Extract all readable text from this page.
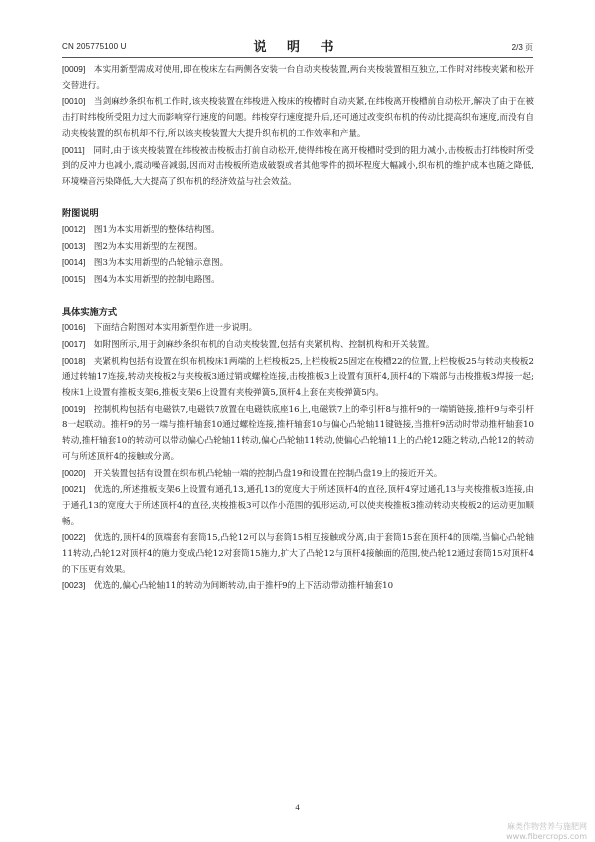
CN 205775100 U	说 明 书	2/3 页
[0009]  本实用新型需成对使用,即在梭床左右两侧各安装一台自动夹梭装置,两台夹梭装置相互独立,工作时对纬梭夹紧和松开交替进行。
[0010]  当剑麻纱条织布机工作时,该夹梭装置在纬梭进入梭床的梭槽时自动夹紧,在纬梭离开梭槽前自动松开,解决了由于在被击打时纬梭所受阻力过大而影响穿行速度的问题。纬梭穿行速度提升后,还可通过改变织布机的传动比提高织布速度,而没有自动夹梭装置的织布机却不行,所以该夹梭装置大大提升织布机的工作效率和产量。
[0011]  同时,由于该夹梭装置在纬梭被击梭板击打前自动松开,使得纬梭在离开梭槽时受到的阻力减小,击梭板击打纬梭时所受到的反冲力也减小,震动噪音减弱,因而对击梭板所造成破裂或者其他零件的损坏程度大幅减小,织布机的维护成本也随之降低,环境噪音污染降低,大大提高了织布机的经济效益与社会效益。
附图说明
[0012]  图1为本实用新型的整体结构图。
[0013]  图2为本实用新型的左视图。
[0014]  图3为本实用新型的凸轮轴示意图。
[0015]  图4为本实用新型的控制电路图。
具体实施方式
[0016]  下面结合附图对本实用新型作进一步说明。
[0017]  如附图所示,用于剑麻纱条织布机的自动夹梭装置,包括有夹紧机构、控制机构和开关装置。
[0018]  夹紧机构包括有设置在织布机梭床1两端的上栏梭板25,上栏梭板25固定在梭槽22的位置,上栏梭板25与转动夹梭板2通过转轴17连接,转动夹梭板2与夹梭板3通过销或螺栓连接,击梭推板3上设置有顶杆4,顶杆4的下端部与击梭推板3焊接一起;梭床1上设置有推板支架6,推板支架6上设置有夹梭弹簧5,顶杆4上套在夹梭弹簧5内。
[0019]  控制机构包括有电磁铁7,电磁铁7放置在电磁铁底座16上,电磁铁7上的牵引杆8与推杆9的一端销链接,推杆9与牵引杆8一起联动。推杆9的另一端与推杆轴套10通过螺栓连接,推杆轴套10与偏心凸轮轴11键链接,当推杆9活动时带动推杆轴套10转动,推杆轴套10的转动可以带动偏心凸轮轴11转动,偏心凸轮轴11转动,使偏心凸轮轴11上的凸轮12随之转动,凸轮12的转动可与所述顶杆4的接触或分离。
[0020]  开关装置包括有设置在织布机凸轮轴一端的控制凸盘19和设置在控制凸盘19上的接近开关。
[0021]  优选的,所述推板支架6上设置有通孔13,通孔13的宽度大于所述顶杆4的直径,顶杆4穿过通孔13与夹梭推板3连接,由于通孔13的宽度大于所述顶杆4的直径,夹梭推板3可以作小范围的弧形运动,可以使夹梭推板3推动转动夹梭板2的运动更加顺畅。
[0022]  优选的,顶杆4的顶端套有套筒15,凸轮12可以与套筒15相互接触或分离,由于套筒15套在顶杆4的顶端,当偏心凸轮轴11转动,凸轮12对顶杆4的施力变成凸轮12对套筒15施力,扩大了凸轮12与顶杆4接触面的范围,使凸轮12通过套筒15对顶杆4的下压更有效果。
[0023]  优选的,偏心凸轮轴11的转动为间断转动,由于推杆9的上下活动带动推杆轴套10
4
麻类作物营养与施肥网
www.fibercrops.com
